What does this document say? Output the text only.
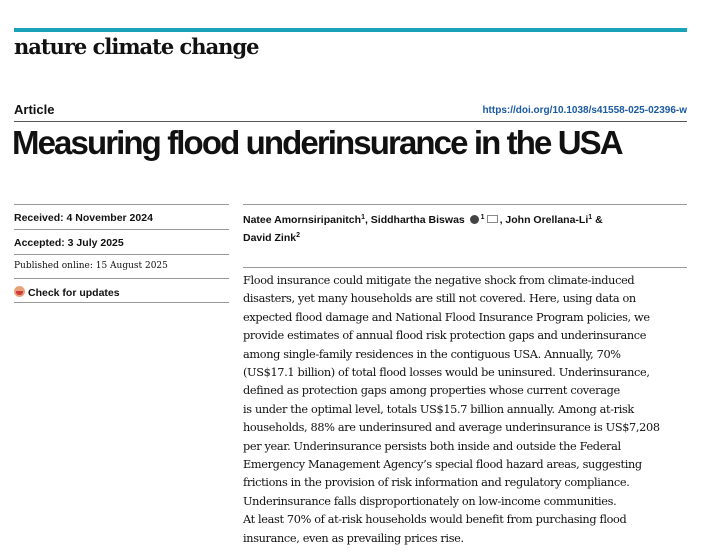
nature climate change
Article	https://doi.org/10.1038/s41558-025-02396-w
Measuring flood underinsurance in the USA
Received: 4 November 2024
Accepted: 3 July 2025
Published online: 15 August 2025
Check for updates
Natee Amornsiripanitch$^1$, Siddhartha Biswas $^1$ , John Orellana-Li$^1$ &
David Zink$^2$
Flood insurance could mitigate the negative shock from climate-induced
disasters, yet many households are still not covered. Here, using data on
expected flood damage and National Flood Insurance Program policies, we
provide estimates of annual flood risk protection gaps and underinsurance
among single-family residences in the contiguous USA. Annually, 70%
(US$17.1 billion) of total flood losses would be uninsured. Underinsurance,
defined as protection gaps among properties whose current coverage
is under the optimal level, totals US$15.7 billion annually. Among at-risk
households, 88% are underinsured and average underinsurance is US$7,208
per year. Underinsurance persists both inside and outside the Federal
Emergency Management Agency’s special flood hazard areas, suggesting
frictions in the provision of risk information and regulatory compliance.
Underinsurance falls disproportionately on low-income communities.
At least 70% of at-risk households would benefit from purchasing flood
insurance, even as prevailing prices rise.
